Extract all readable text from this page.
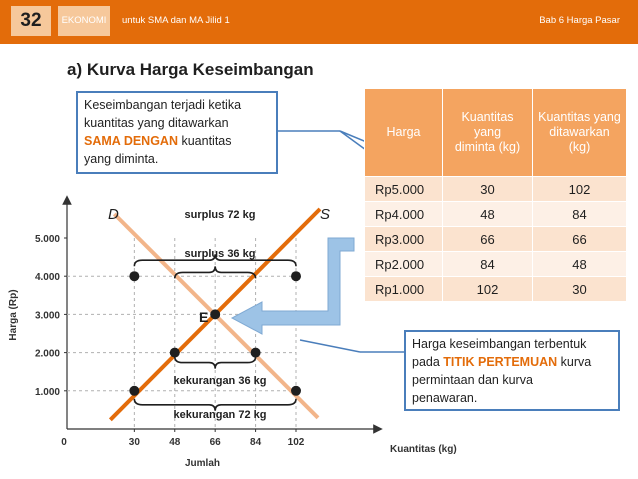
32	EKONOMI	untuk SMA dan MA Jilid 1	Bab 6 Harga Pasar
a) Kurva Harga Keseimbangan
1.000
2.000
3.000
4.000
5.000
0	30	48	66	84	102
Harga (Rp)
Kuantitas (kg)
Jumlah
D	S
E
surplus 72 kg
surplus 36 kg
kekurangan 36 kg
kekurangan 72 kg
Keseimbangan terjadi ketika
kuantitas yang ditawarkan
SAMA DENGAN kuantitas
yang diminta.
Harga	Kuantitas yang diminta (kg)	Kuantitas yang ditawarkan (kg)
Rp5.000	30	102
Rp4.000	48	84
Rp3.000	66	66
Rp2.000	84	48
Rp1.000	102	30
Harga keseimbangan terbentuk
pada TITIK PERTEMUAN kurva
permintaan dan kurva
penawaran.
